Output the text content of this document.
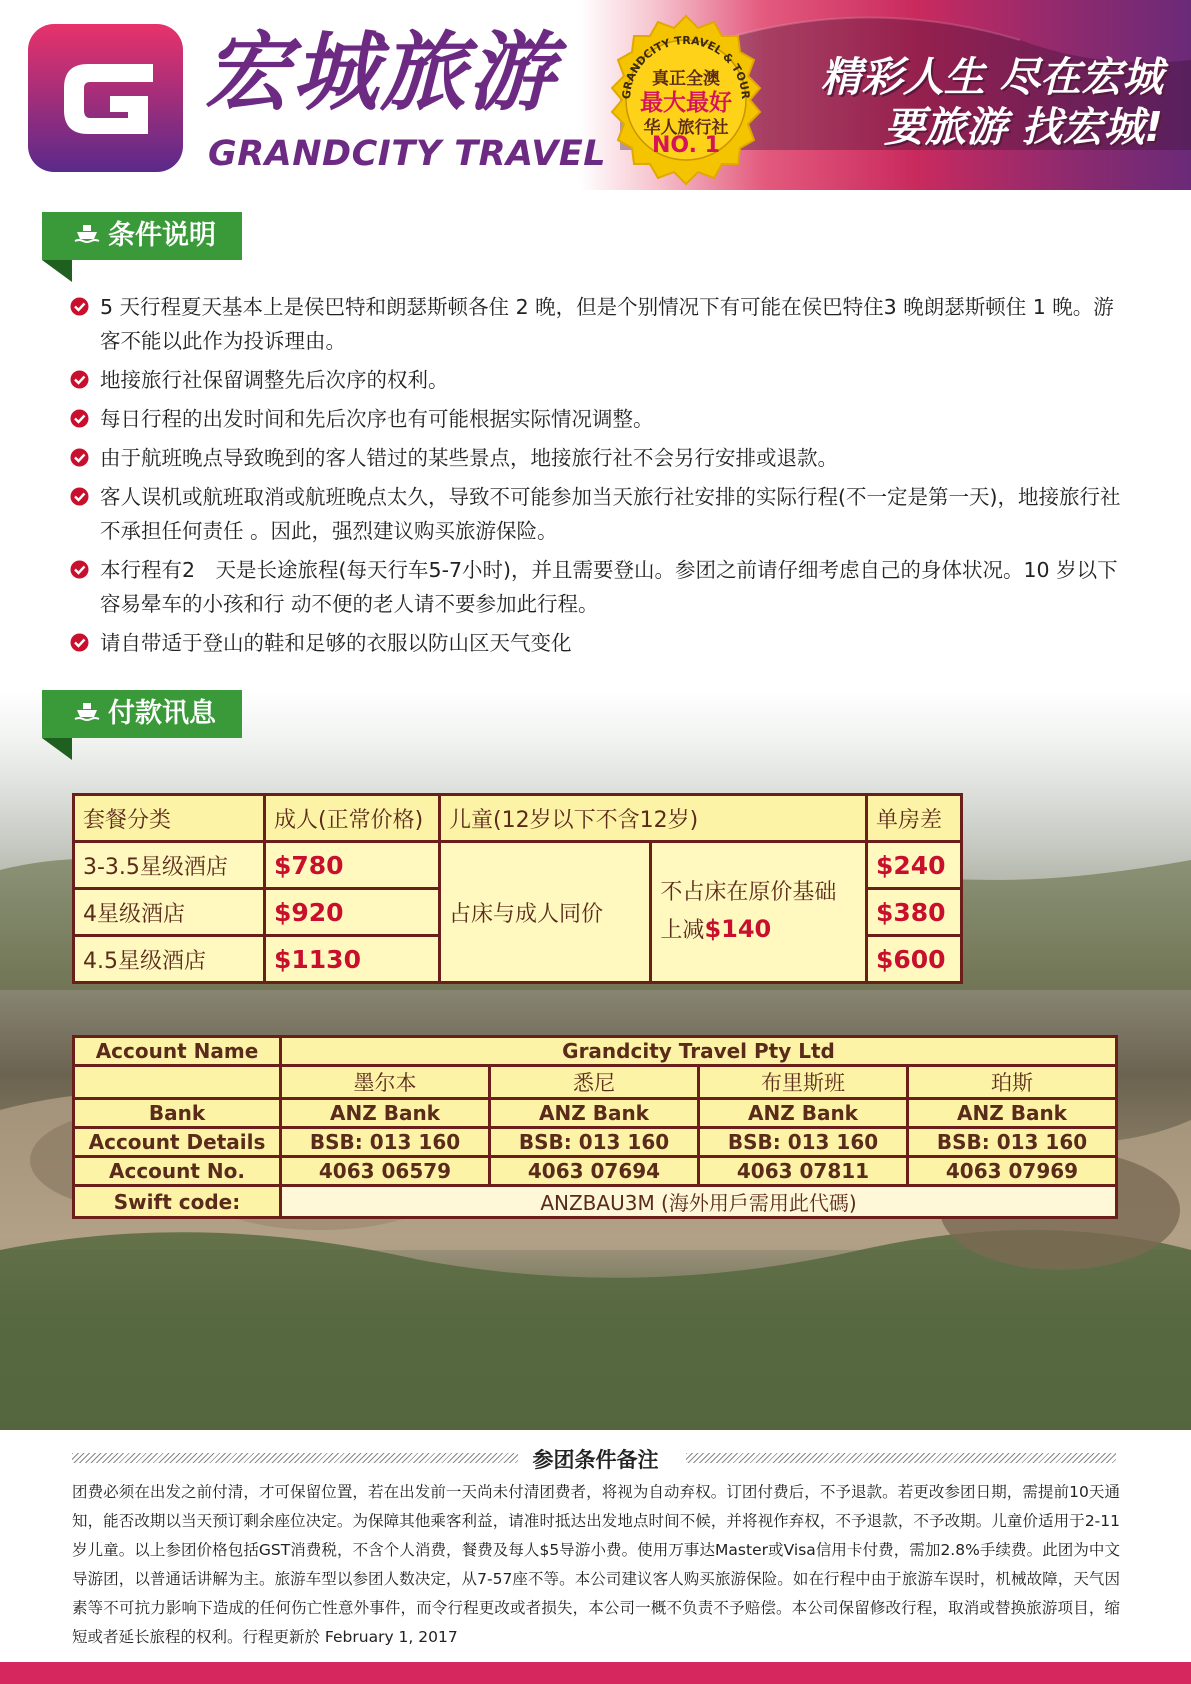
宏城旅游
GRANDCITY TRAVEL
GRANDCITY TRAVEL & TOUR
真正全澳
最大最好
华人旅行社
NO. 1
精彩人生 尽在宏城
要旅游 找宏城!
条件说明
5 天行程夏天基本上是侯巴特和朗瑟斯顿各住 2 晚，但是个别情况下有可能在侯巴特住3 晚朗瑟斯顿住 1 晚。游客不能以此作为投诉理由。
地接旅行社保留调整先后次序的权利。
每日行程的出发时间和先后次序也有可能根据实际情况调整。
由于航班晚点导致晚到的客人错过的某些景点，地接旅行社不会另行安排或退款。
客人误机或航班取消或航班晚点太久，导致不可能参加当天旅行社安排的实际行程(不一定是第一天)，地接旅行社不承担任何责任 。因此，强烈建议购买旅游保险。
本行程有2　天是长途旅程(每天行车5-7小时)，并且需要登山。参团之前请仔细考虑自己的身体状况。10 岁以下容易晕车的小孩和行 动不便的老人请不要参加此行程。
请自带适于登山的鞋和足够的衣服以防山区天气变化
付款讯息
套餐分类	成人(正常价格)	儿童(12岁以下不含12岁)		单房差
3-3.5星级酒店	$780	占床与成人同价	不占床在原价基础上减$140	$240
4星级酒店	$920			$380
4.5星级酒店	$1130			$600
Account Name	Grandcity Travel Pty Ltd			
	墨尔本	悉尼	布里斯班	珀斯
Bank	ANZ Bank	ANZ Bank	ANZ Bank	ANZ Bank
Account Details	BSB: 013 160	BSB: 013 160	BSB: 013 160	BSB: 013 160
Account No.	4063 06579	4063 07694	4063 07811	4063 07969
Swift code:	ANZBAU3M (海外用戶需用此代碼)			
参团条件备注
团费必须在出发之前付清，才可保留位置，若在出发前一天尚未付清团费者，将视为自动弃权。订团付费后，不予退款。若更改参团日期，需提前10天通知，能否改期以当天预订剩余座位决定。为保障其他乘客利益，请准时抵达出发地点时间不候，并将视作弃权，不予退款，不予改期。儿童价适用于2-11岁儿童。以上参团价格包括GST消费税，不含个人消费，餐费及每人$5导游小费。使用万事达Master或Visa信用卡付费，需加2.8%手续费。此团为中文导游团，以普通话讲解为主。旅游车型以参团人数决定，从7-57座不等。本公司建议客人购买旅游保险。如在行程中由于旅游车误时，机械故障，天气因素等不可抗力影响下造成的任何伤亡性意外事件，而令行程更改或者损失，本公司一概不负责不予赔偿。本公司保留修改行程，取消或替换旅游项目，缩短或者延长旅程的权利。行程更新於 February 1, 2017
